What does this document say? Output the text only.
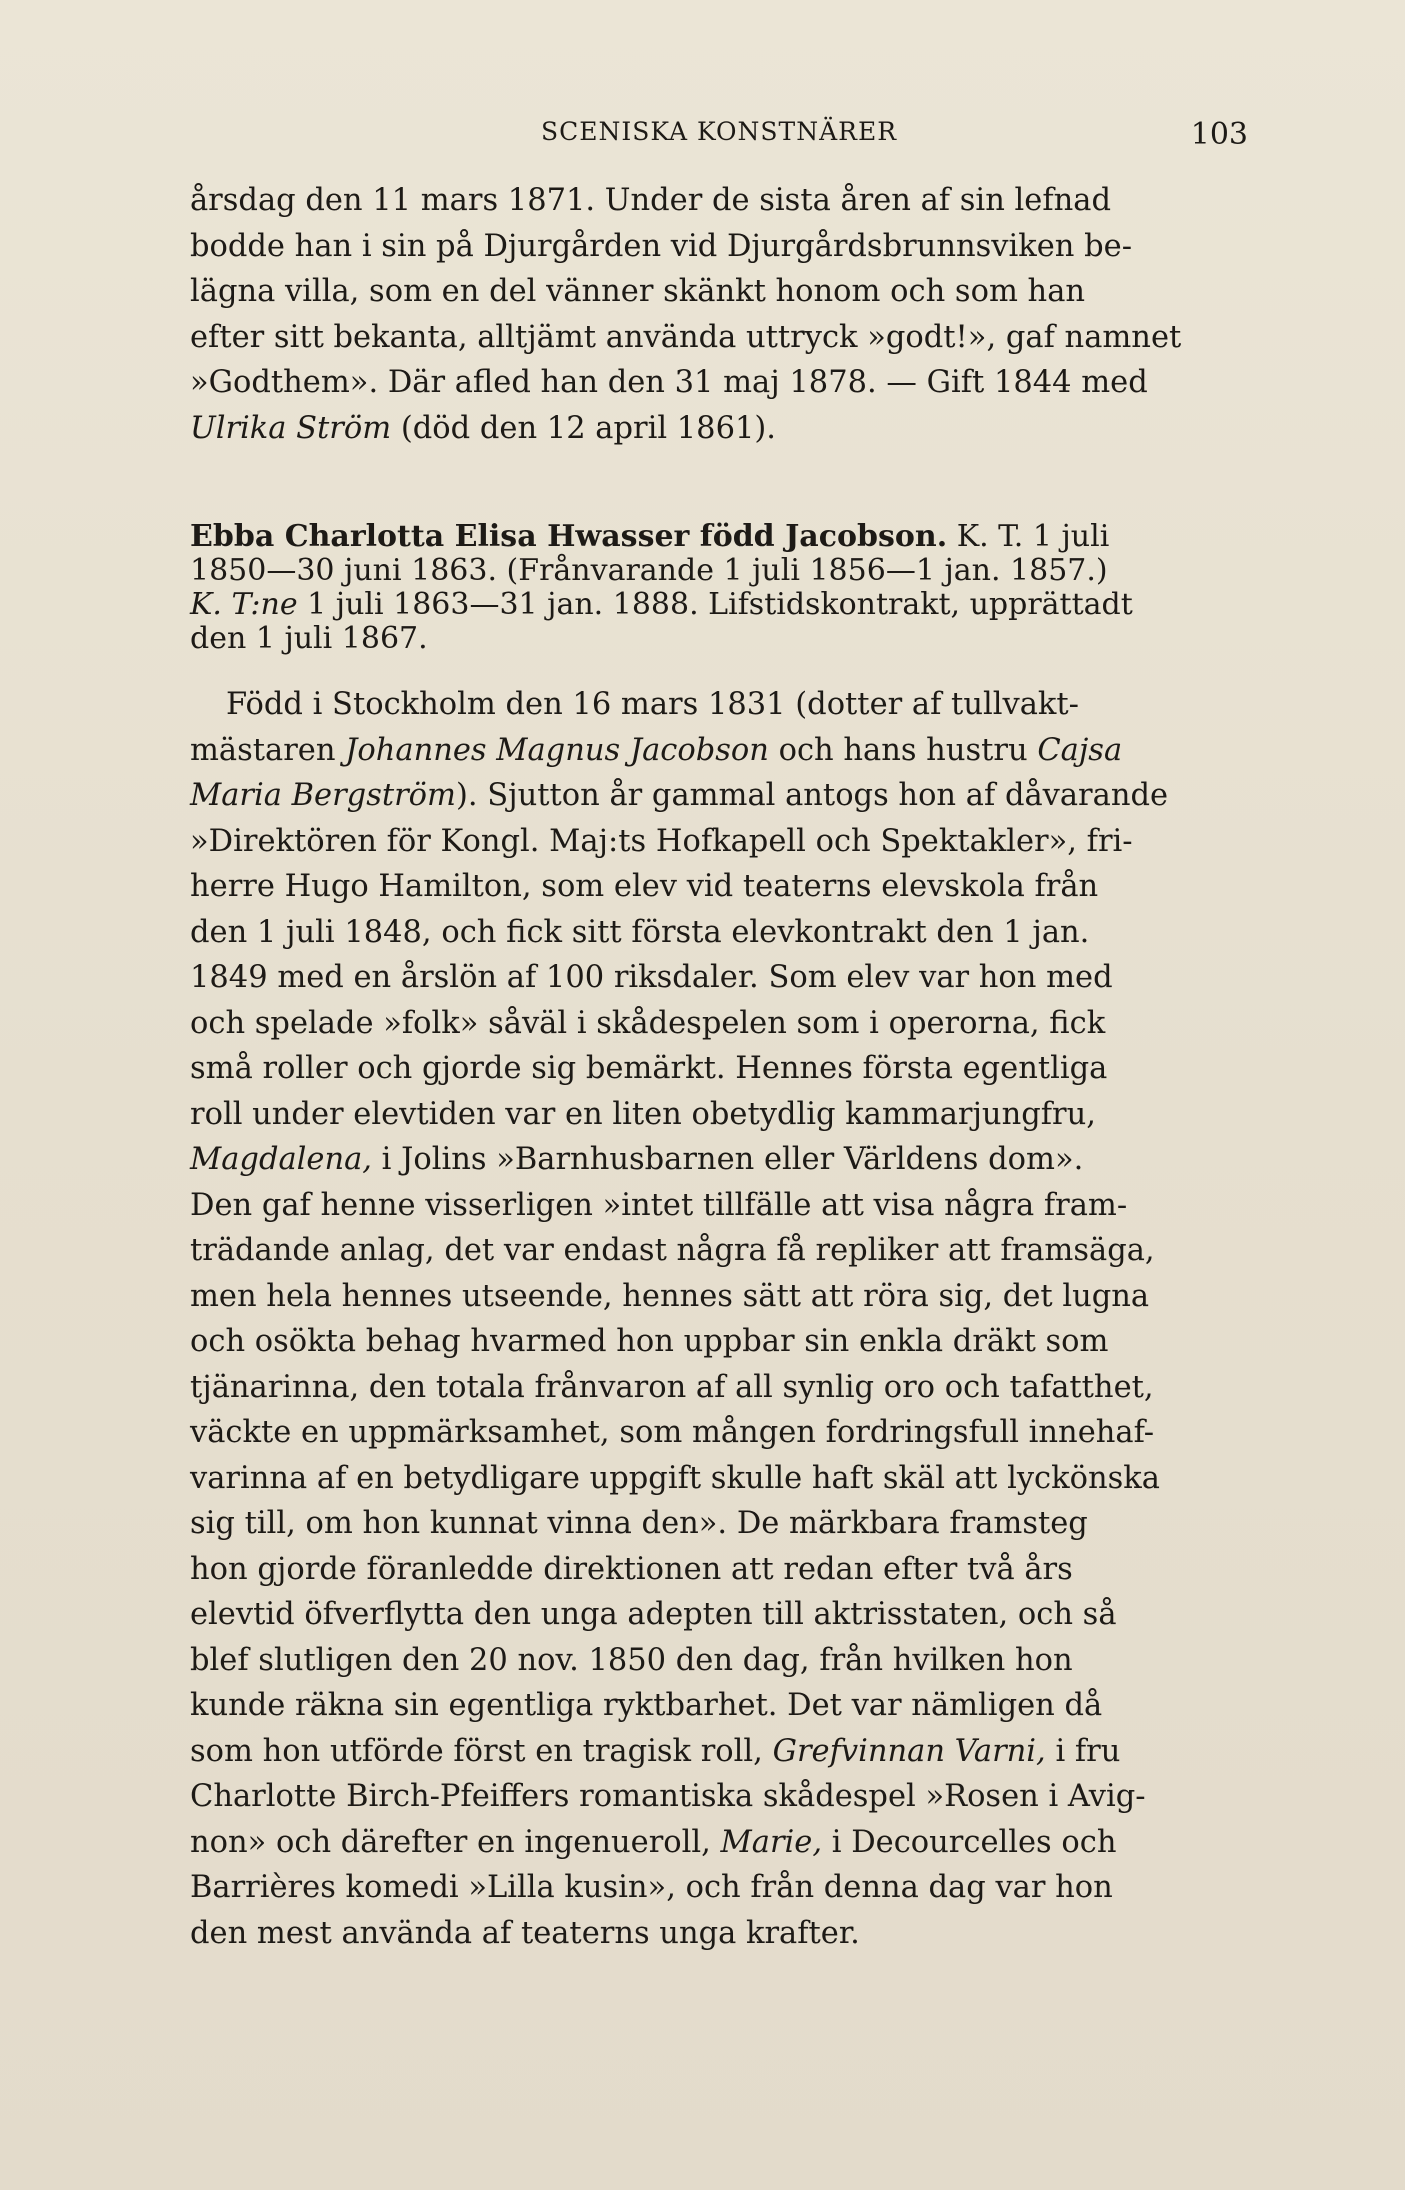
SCENISKA KONSTNÄRER	103
årsdag den 11 mars 1871. Under de sista åren af sin lefnad
bodde han i sin på Djurgården vid Djurgårdsbrunnsviken be-
lägna villa, som en del vänner skänkt honom och som han
efter sitt bekanta, alltjämt använda uttryck »godt!», gaf namnet
»Godthem». Där afled han den 31 maj 1878. — Gift 1844 med
Ulrika Ström (död den 12 april 1861).
Ebba Charlotta Elisa Hwasser född Jacobson. K. T. 1 juli
1850—30 juni 1863. (Frånvarande 1 juli 1856—1 jan. 1857.)
K. T:ne 1 juli 1863—31 jan. 1888. Lifstidskontrakt, upprättadt
den 1 juli 1867.
Född i Stockholm den 16 mars 1831 (dotter af tullvakt-
mästaren Johannes Magnus Jacobson och hans hustru Cajsa
Maria Bergström). Sjutton år gammal antogs hon af dåvarande
»Direktören för Kongl. Maj:ts Hofkapell och Spektakler», fri-
herre Hugo Hamilton, som elev vid teaterns elevskola från
den 1 juli 1848, och fick sitt första elevkontrakt den 1 jan.
1849 med en årslön af 100 riksdaler. Som elev var hon med
och spelade »folk» såväl i skådespelen som i operorna, fick
små roller och gjorde sig bemärkt. Hennes första egentliga
roll under elevtiden var en liten obetydlig kammarjungfru,
Magdalena, i Jolins »Barnhusbarnen eller Världens dom».
Den gaf henne visserligen »intet tillfälle att visa några fram-
trädande anlag, det var endast några få repliker att framsäga,
men hela hennes utseende, hennes sätt att röra sig, det lugna
och osökta behag hvarmed hon uppbar sin enkla dräkt som
tjänarinna, den totala frånvaron af all synlig oro och tafatthet,
väckte en uppmärksamhet, som mången fordringsfull innehaf-
varinna af en betydligare uppgift skulle haft skäl att lyckönska
sig till, om hon kunnat vinna den». De märkbara framsteg
hon gjorde föranledde direktionen att redan efter två års
elevtid öfverflytta den unga adepten till aktrisstaten, och så
blef slutligen den 20 nov. 1850 den dag, från hvilken hon
kunde räkna sin egentliga ryktbarhet. Det var nämligen då
som hon utförde först en tragisk roll, Grefvinnan Varni, i fru
Charlotte Birch-Pfeiffers romantiska skådespel »Rosen i Avig-
non» och därefter en ingenueroll, Marie, i Decourcelles och
Barrières komedi »Lilla kusin», och från denna dag var hon
den mest använda af teaterns unga krafter.
